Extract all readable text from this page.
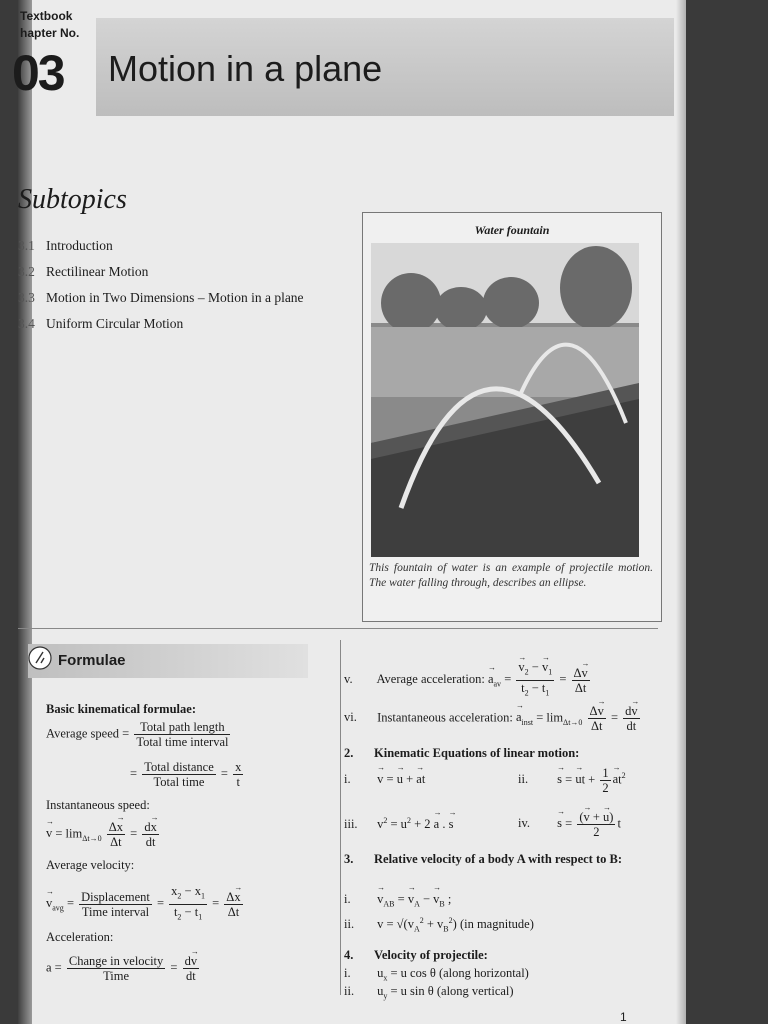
Textbook
hapter No.
03 Motion in a plane
Subtopics
3.1 Introduction
3.2 Rectilinear Motion
3.3 Motion in Two Dimensions – Motion in a plane
3.4 Uniform Circular Motion
Water fountain
This fountain of water is an example of projectile motion. The water falling through, describes an ellipse.
Formulae
Basic kinematical formulae:
Average speed = $\frac{\text{Total path length}}{\text{Total time interval}}$
= $\frac{\text{Total distance}}{\text{Total time}} = \frac{x}{t}$
Instantaneous speed:
→ $v = \lim_{\Delta t\to 0} \frac{\Delta\to x}{\Delta t} = \frac{d\to x}{dt}$
Average velocity:
→ $v_{avg} = \frac{\text{Displacement}}{\text{Time interval}} = \frac{x_2 - x_1}{t_2 - t_1} = \frac{\Delta\to x}{\Delta t}$
Acceleration:
$a = \frac{\text{Change in velocity}}{\text{Time}} = \frac{d\to v}{dt}$
v. Average acceleration: → $a_{av}$ =
→ $\frac{v_2 - \to v_1}{t_2 - t_1} = \frac{\Delta\to v}{\Delta t}$
vi. Instantaneous acceleration: → $a_{inst} = \lim_{\Delta t\to 0} \frac{\Delta\to v}{\Delta t} = \frac{d\to v}{dt}$
2. Kinematic Equations of linear motion:
i. → v = → u + → at	ii. → s = → ut + $\frac{1}{2}$
→ $at^2$
iii. $v^2 = u^2 + 2 \to a$ . → s	iv. → $s = \frac{(\to v + \to u)}{2}$ t
3. Relative velocity of a body A with respect to B:
i. → $v_{AB}$ = → $v_A$ − → $v_B$ ;
ii. $v = √(v_A^2 + v_B^2)$ (in magnitude)
4. Velocity of projectile:
i. $u_x = u$ cos θ (along horizontal)
ii. $u_y = u$ sin θ (along vertical)
1
